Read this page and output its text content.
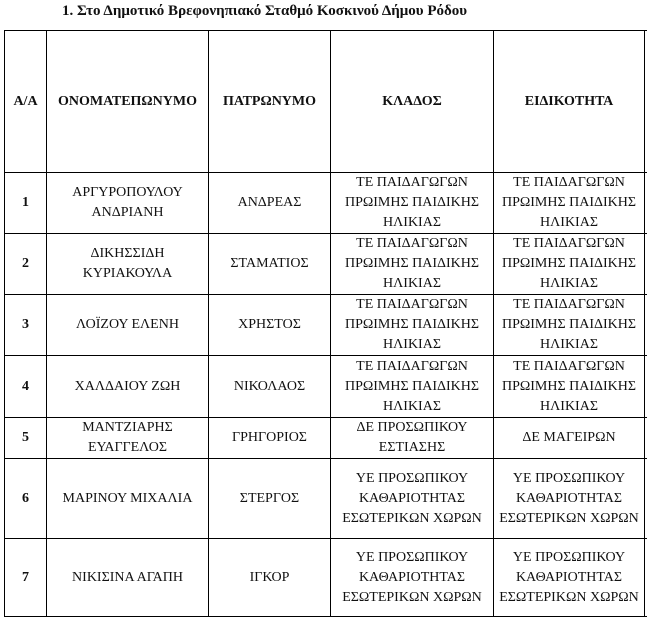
1. Στο Δημοτικό Βρεφονηπιακό Σταθμό Κοσκινού Δήμου Ρόδου
Α/Α	ΟΝΟΜΑΤΕΠΩΝΥΜΟ	ΠΑΤΡΩΝΥΜΟ	ΚΛΑΔΟΣ	ΕΙΔΙΚΟΤΗΤΑ	
1	ΑΡΓΥΡΟΠΟΥΛΟΥ ΑΝΔΡΙΑΝΗ	ΑΝΔΡΕΑΣ	ΤΕ ΠΑΙΔΑΓΩΓΩΝ ΠΡΩΙΜΗΣ ΠΑΙΔΙΚΗΣ ΗΛΙΚΙΑΣ	ΤΕ ΠΑΙΔΑΓΩΓΩΝ ΠΡΩΙΜΗΣ ΠΑΙΔΙΚΗΣ ΗΛΙΚΙΑΣ	
2	ΔΙΚΗΣΣΙΔΗ ΚΥΡΙΑΚΟΥΛΑ	ΣΤΑΜΑΤΙΟΣ	ΤΕ ΠΑΙΔΑΓΩΓΩΝ ΠΡΩΙΜΗΣ ΠΑΙΔΙΚΗΣ ΗΛΙΚΙΑΣ	ΤΕ ΠΑΙΔΑΓΩΓΩΝ ΠΡΩΙΜΗΣ ΠΑΙΔΙΚΗΣ ΗΛΙΚΙΑΣ	
3	ΛΟΪΖΟΥ ΕΛΕΝΗ	ΧΡΗΣΤΟΣ	ΤΕ ΠΑΙΔΑΓΩΓΩΝ ΠΡΩΙΜΗΣ ΠΑΙΔΙΚΗΣ ΗΛΙΚΙΑΣ	ΤΕ ΠΑΙΔΑΓΩΓΩΝ ΠΡΩΙΜΗΣ ΠΑΙΔΙΚΗΣ ΗΛΙΚΙΑΣ	
4	ΧΑΛΔΑΙΟΥ ΖΩΗ	ΝΙΚΟΛΑΟΣ	ΤΕ ΠΑΙΔΑΓΩΓΩΝ ΠΡΩΙΜΗΣ ΠΑΙΔΙΚΗΣ ΗΛΙΚΙΑΣ	ΤΕ ΠΑΙΔΑΓΩΓΩΝ ΠΡΩΙΜΗΣ ΠΑΙΔΙΚΗΣ ΗΛΙΚΙΑΣ	
5	ΜΑΝΤΖΙΑΡΗΣ ΕΥΑΓΓΕΛΟΣ	ΓΡΗΓΟΡΙΟΣ	ΔΕ ΠΡΟΣΩΠΙΚΟΥ ΕΣΤΙΑΣΗΣ	ΔΕ ΜΑΓΕΙΡΩΝ	
6	ΜΑΡΙΝΟΥ ΜΙΧΑΛΙΑ	ΣΤΕΡΓΟΣ	ΥΕ ΠΡΟΣΩΠΙΚΟΥ ΚΑΘΑΡΙΟΤΗΤΑΣ ΕΣΩΤΕΡΙΚΩΝ ΧΩΡΩΝ	ΥΕ ΠΡΟΣΩΠΙΚΟΥ ΚΑΘΑΡΙΟΤΗΤΑΣ ΕΣΩΤΕΡΙΚΩΝ ΧΩΡΩΝ	
7	ΝΙΚΙΣΙΝΑ ΑΓΑΠΗ	ΙΓΚΟΡ	ΥΕ ΠΡΟΣΩΠΙΚΟΥ ΚΑΘΑΡΙΟΤΗΤΑΣ ΕΣΩΤΕΡΙΚΩΝ ΧΩΡΩΝ	ΥΕ ΠΡΟΣΩΠΙΚΟΥ ΚΑΘΑΡΙΟΤΗΤΑΣ ΕΣΩΤΕΡΙΚΩΝ ΧΩΡΩΝ	
